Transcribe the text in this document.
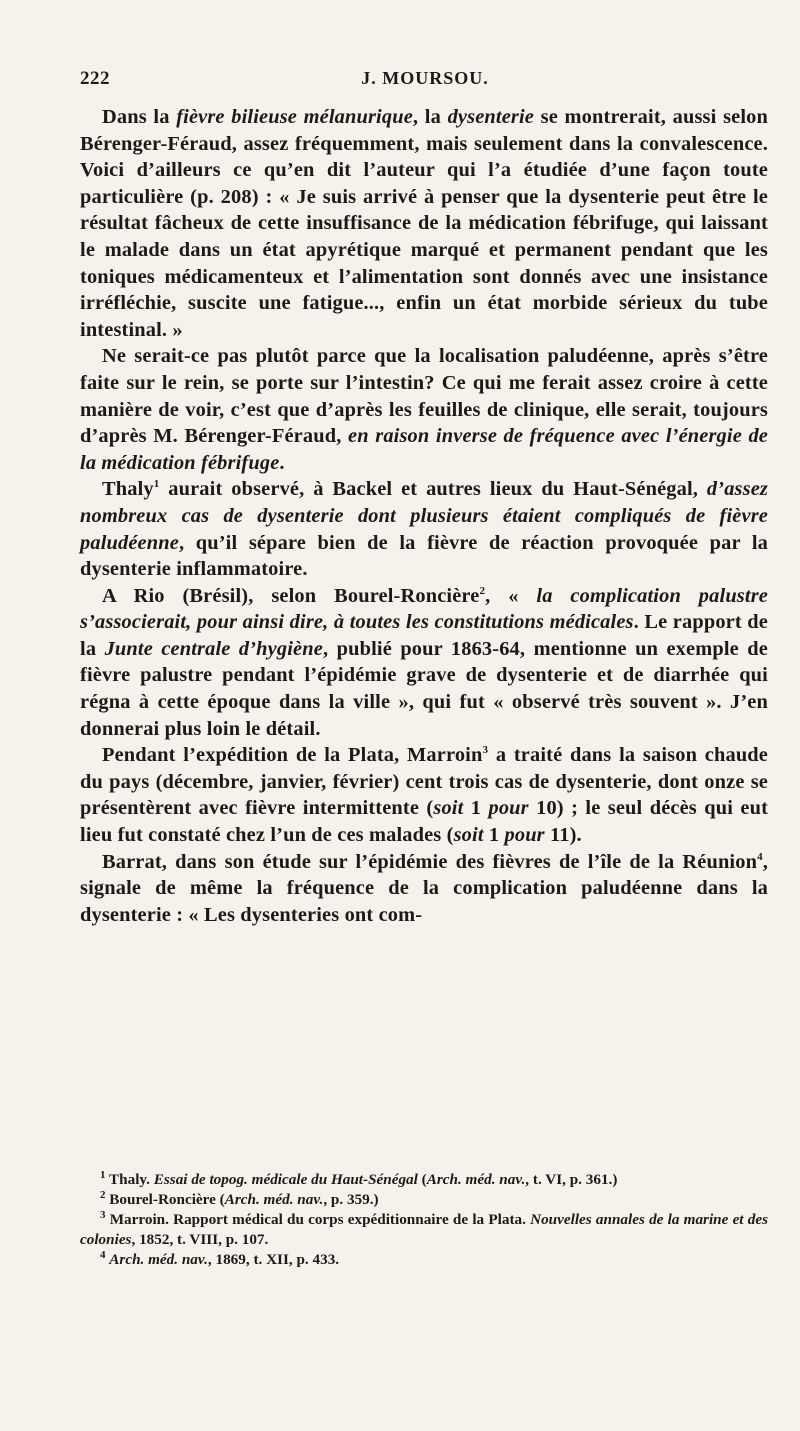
222	J. MOURSOU.

Dans la fièvre bilieuse mélanurique, la dysenterie se montrerait, aussi selon Bérenger-Féraud, assez fréquemment, mais seulement dans la convalescence. Voici d’ailleurs ce qu’en dit l’auteur qui l’a étudiée d’une façon toute particulière (p. 208) : « Je suis arrivé à penser que la dysenterie peut être le résultat fâcheux de cette insuffisance de la médication fébrifuge, qui laissant le malade dans un état apyrétique marqué et permanent pendant que les toniques médicamenteux et l’alimentation sont donnés avec une insistance irréfléchie, suscite une fatigue..., enfin un état morbide sérieux du tube intestinal. »

Ne serait-ce pas plutôt parce que la localisation paludéenne, après s’être faite sur le rein, se porte sur l’intestin? Ce qui me ferait assez croire à cette manière de voir, c’est que d’après les feuilles de clinique, elle serait, toujours d’après M. Bérenger-Féraud, en raison inverse de fréquence avec l’énergie de la médication fébrifuge.

Thaly$^1$ aurait observé, à Backel et autres lieux du Haut-Sénégal, d’assez nombreux cas de dysenterie dont plusieurs étaient compliqués de fièvre paludéenne, qu’il sépare bien de la fièvre de réaction provoquée par la dysenterie inflammatoire.

A Rio (Brésil), selon Bourel-Roncière$^2$, « la complication palustre s’associerait, pour ainsi dire, à toutes les constitutions médicales. Le rapport de la Junte centrale d’hygiène, publié pour 1863-64, mentionne un exemple de fièvre palustre pendant l’épidémie grave de dysenterie et de diarrhée qui régna à cette époque dans la ville », qui fut « observé très souvent ». J’en donnerai plus loin le détail.

Pendant l’expédition de la Plata, Marroin$^3$ a traité dans la saison chaude du pays (décembre, janvier, février) cent trois cas de dysenterie, dont onze se présentèrent avec fièvre intermittente (soit 1 pour 10) ; le seul décès qui eut lieu fut constaté chez l’un de ces malades (soit 1 pour 11).

Barrat, dans son étude sur l’épidémie des fièvres de l’île de la Réunion$^4$, signale de même la fréquence de la complication paludéenne dans la dysenterie : « Les dysenteries ont com-

$^1$ Thaly. Essai de topog. médicale du Haut-Sénégal (Arch. méd. nav., t. VI, p. 361.)

$^2$ Bourel-Roncière (Arch. méd. nav., p. 359.)

$^3$ Marroin. Rapport médical du corps expéditionnaire de la Plata. Nouvelles annales de la marine et des colonies, 1852, t. VIII, p. 107.

$^4$ Arch. méd. nav., 1869, t. XII, p. 433.
